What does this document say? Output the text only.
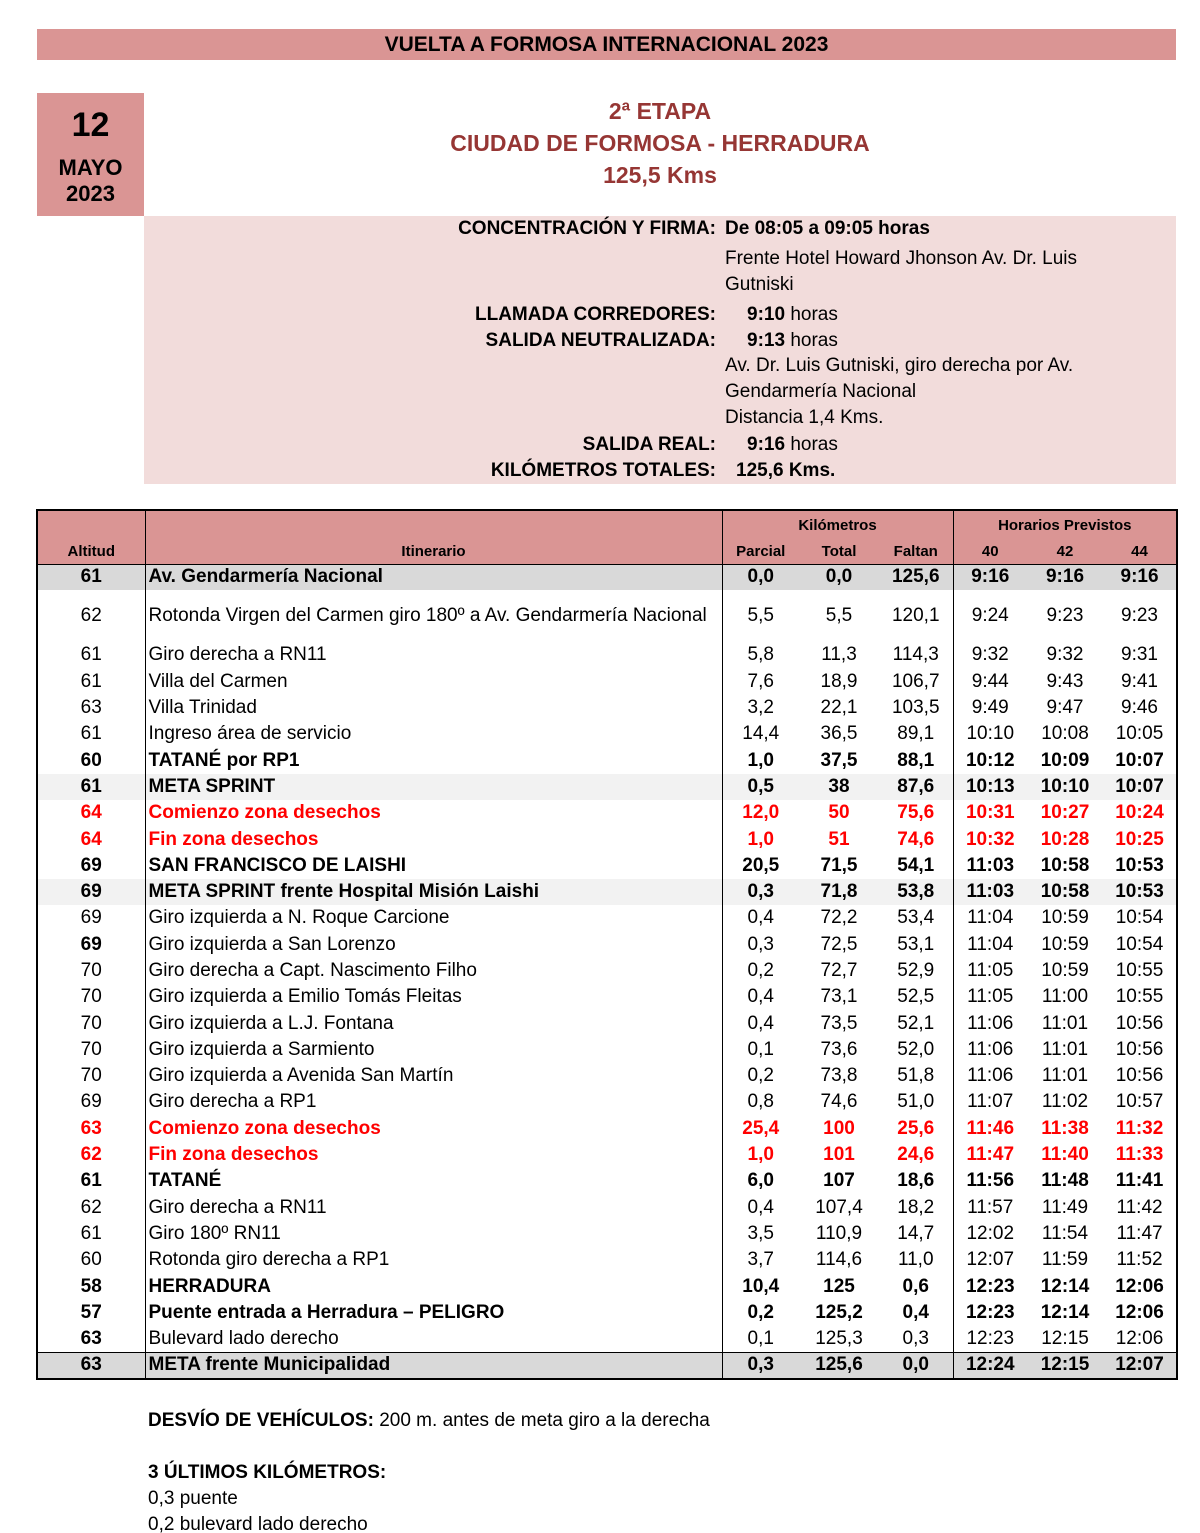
VUELTA A FORMOSA INTERNACIONAL 2023
12
MAYO
2023
2ª ETAPA
CIUDAD DE FORMOSA - HERRADURA
125,5 Kms
CONCENTRACIÓN Y FIRMA: De 08:05 a 09:05 horas
Frente Hotel Howard Jhonson Av. Dr. Luis
Gutniski
LLAMADA CORREDORES: 9:10 horas
SALIDA NEUTRALIZADA: 9:13 horas
Av. Dr. Luis Gutniski, giro derecha por Av.
Gendarmería Nacional
Distancia 1,4 Kms.
SALIDA REAL: 9:16 horas
KILÓMETROS TOTALES: 125,6 Kms.
		Kilómetros			Horarios Previstos		
Altitud	Itinerario	Parcial	Total	Faltan	40	42	44
61	Av. Gendarmería Nacional	0,0	0,0	125,6	9:16	9:16	9:16
62	Rotonda Virgen del Carmen giro 180º a Av. Gendarmería Nacional	5,5	5,5	120,1	9:24	9:23	9:23
61	Giro derecha a RN11	5,8	11,3	114,3	9:32	9:32	9:31
61	Villa del Carmen	7,6	18,9	106,7	9:44	9:43	9:41
63	Villa Trinidad	3,2	22,1	103,5	9:49	9:47	9:46
61	Ingreso área de servicio	14,4	36,5	89,1	10:10	10:08	10:05
60	TATANÉ por RP1	1,0	37,5	88,1	10:12	10:09	10:07
61	META SPRINT	0,5	38	87,6	10:13	10:10	10:07
64	Comienzo zona desechos	12,0	50	75,6	10:31	10:27	10:24
64	Fin zona desechos	1,0	51	74,6	10:32	10:28	10:25
69	SAN FRANCISCO DE LAISHI	20,5	71,5	54,1	11:03	10:58	10:53
69	META SPRINT frente Hospital Misión Laishi	0,3	71,8	53,8	11:03	10:58	10:53
69	Giro izquierda a N. Roque Carcione	0,4	72,2	53,4	11:04	10:59	10:54
69	Giro izquierda a San Lorenzo	0,3	72,5	53,1	11:04	10:59	10:54
70	Giro derecha a Capt. Nascimento Filho	0,2	72,7	52,9	11:05	10:59	10:55
70	Giro izquierda a Emilio Tomás Fleitas	0,4	73,1	52,5	11:05	11:00	10:55
70	Giro izquierda a L.J. Fontana	0,4	73,5	52,1	11:06	11:01	10:56
70	Giro izquierda a Sarmiento	0,1	73,6	52,0	11:06	11:01	10:56
70	Giro izquierda a Avenida San Martín	0,2	73,8	51,8	11:06	11:01	10:56
69	Giro derecha a RP1	0,8	74,6	51,0	11:07	11:02	10:57
63	Comienzo zona desechos	25,4	100	25,6	11:46	11:38	11:32
62	Fin zona desechos	1,0	101	24,6	11:47	11:40	11:33
61	TATANÉ	6,0	107	18,6	11:56	11:48	11:41
62	Giro derecha a RN11	0,4	107,4	18,2	11:57	11:49	11:42
61	Giro 180º RN11	3,5	110,9	14,7	12:02	11:54	11:47
60	Rotonda giro derecha a RP1	3,7	114,6	11,0	12:07	11:59	11:52
58	HERRADURA	10,4	125	0,6	12:23	12:14	12:06
57	Puente entrada a Herradura – PELIGRO	0,2	125,2	0,4	12:23	12:14	12:06
63	Bulevard lado derecho	0,1	125,3	0,3	12:23	12:15	12:06
63	META frente Municipalidad	0,3	125,6	0,0	12:24	12:15	12:07
DESVÍO DE VEHÍCULOS: 200 m. antes de meta giro a la derecha
3 ÚLTIMOS KILÓMETROS:
0,3 puente
0,2 bulevard lado derecho
